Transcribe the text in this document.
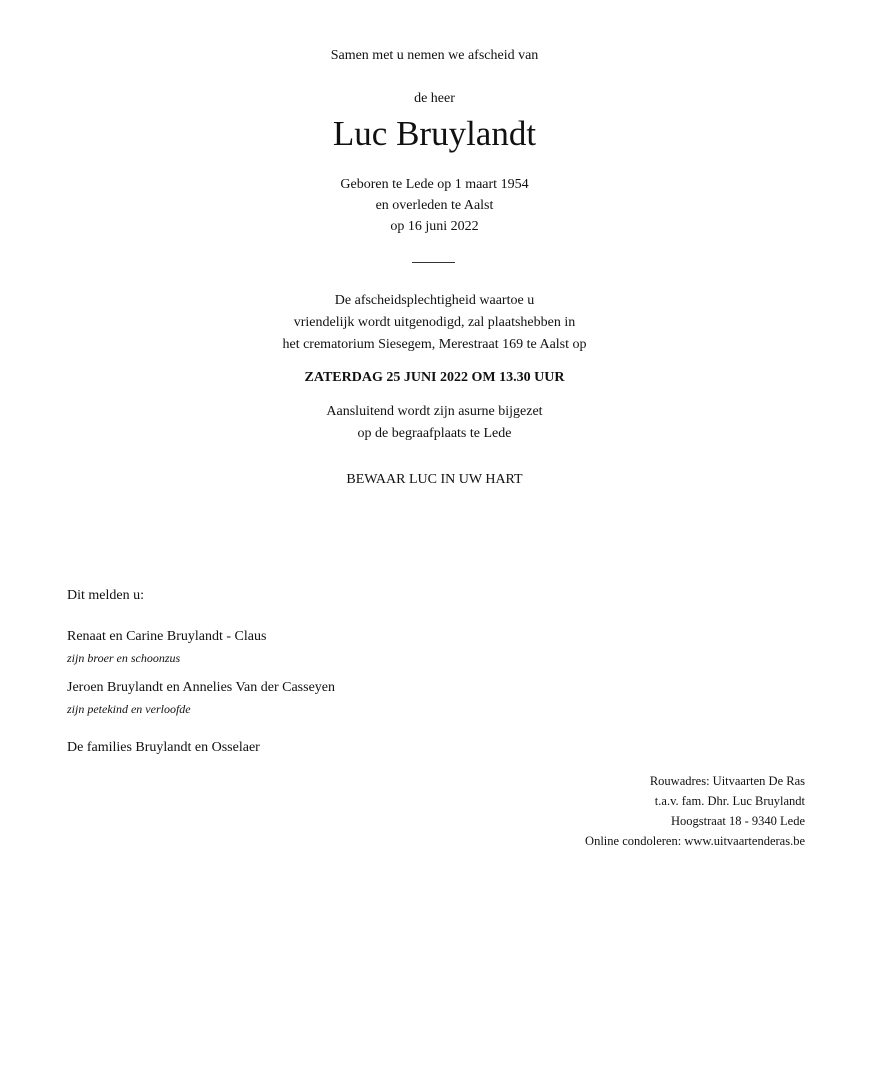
Samen met u nemen we afscheid van
de heer
Luc Bruylandt
Geboren te Lede op 1 maart 1954
en overleden te Aalst
op 16 juni 2022
De afscheidsplechtigheid waartoe u
vriendelijk wordt uitgenodigd, zal plaatshebben in
het crematorium Siesegem, Merestraat 169 te Aalst op
ZATERDAG 25 JUNI 2022 OM 13.30 UUR
Aansluitend wordt zijn asurne bijgezet
op de begraafplaats te Lede
BEWAAR LUC IN UW HART
Dit melden u:
Renaat en Carine Bruylandt - Claus
zijn broer en schoonzus
Jeroen Bruylandt en Annelies Van der Casseyen
zijn petekind en verloofde
De families Bruylandt en Osselaer
Rouwadres: Uitvaarten De Ras
t.a.v. fam. Dhr. Luc Bruylandt
Hoogstraat 18 - 9340 Lede
Online condoleren: www.uitvaartenderas.be
